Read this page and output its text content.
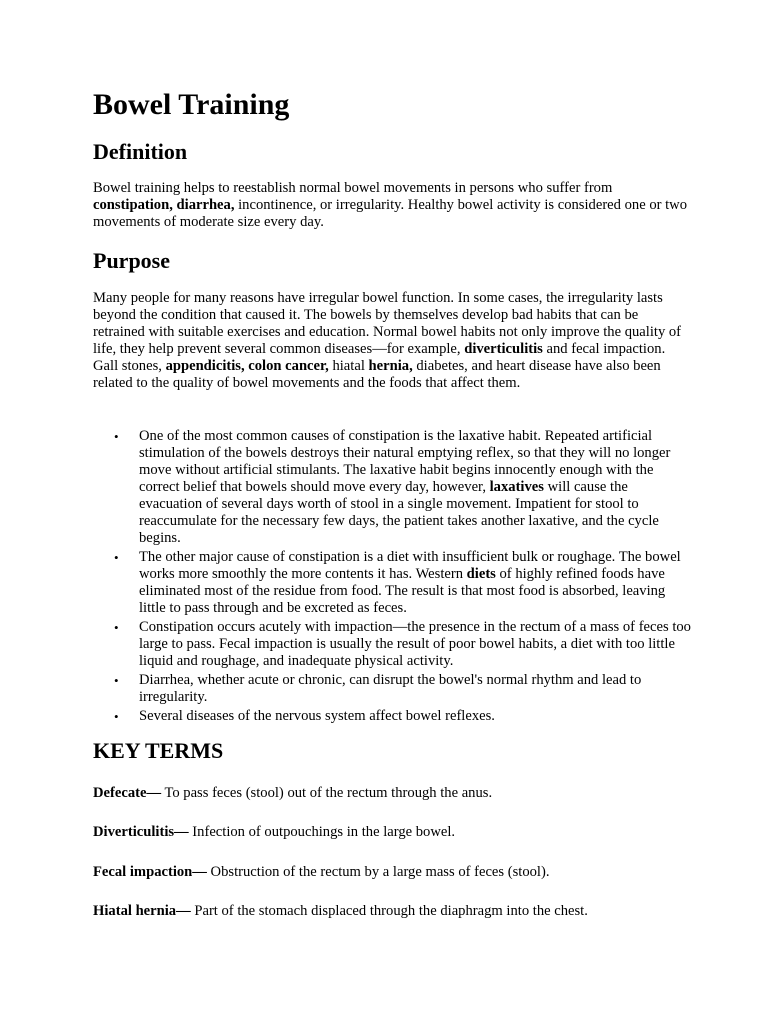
Bowel Training
Definition

Bowel training helps to reestablish normal bowel movements in persons who suffer from constipation, diarrhea, incontinence, or irregularity. Healthy bowel activity is considered one or two movements of moderate size every day.

Purpose

Many people for many reasons have irregular bowel function. In some cases, the irregularity lasts beyond the condition that caused it. The bowels by themselves develop bad habits that can be retrained with suitable exercises and education. Normal bowel habits not only improve the quality of life, they help prevent several common diseases—for example, diverticulitis and fecal impaction. Gall stones, appendicitis, colon cancer, hiatal hernia, diabetes, and heart disease have also been related to the quality of bowel movements and the foods that affect them.

• One of the most common causes of constipation is the laxative habit. Repeated artificial stimulation of the bowels destroys their natural emptying reflex, so that they will no longer move without artificial stimulants. The laxative habit begins innocently enough with the correct belief that bowels should move every day, however, laxatives will cause the evacuation of several days worth of stool in a single movement. Impatient for stool to reaccumulate for the necessary few days, the patient takes another laxative, and the cycle begins.
• The other major cause of constipation is a diet with insufficient bulk or roughage. The bowel works more smoothly the more contents it has. Western diets of highly refined foods have eliminated most of the residue from food. The result is that most food is absorbed, leaving little to pass through and be excreted as feces.
• Constipation occurs acutely with impaction—the presence in the rectum of a mass of feces too large to pass. Fecal impaction is usually the result of poor bowel habits, a diet with too little liquid and roughage, and inadequate physical activity.
• Diarrhea, whether acute or chronic, can disrupt the bowel's normal rhythm and lead to irregularity.
• Several diseases of the nervous system affect bowel reflexes.
KEY TERMS

Defecate— To pass feces (stool) out of the rectum through the anus.

Diverticulitis— Infection of outpouchings in the large bowel.

Fecal impaction— Obstruction of the rectum by a large mass of feces (stool).

Hiatal hernia— Part of the stomach displaced through the diaphragm into the chest.
